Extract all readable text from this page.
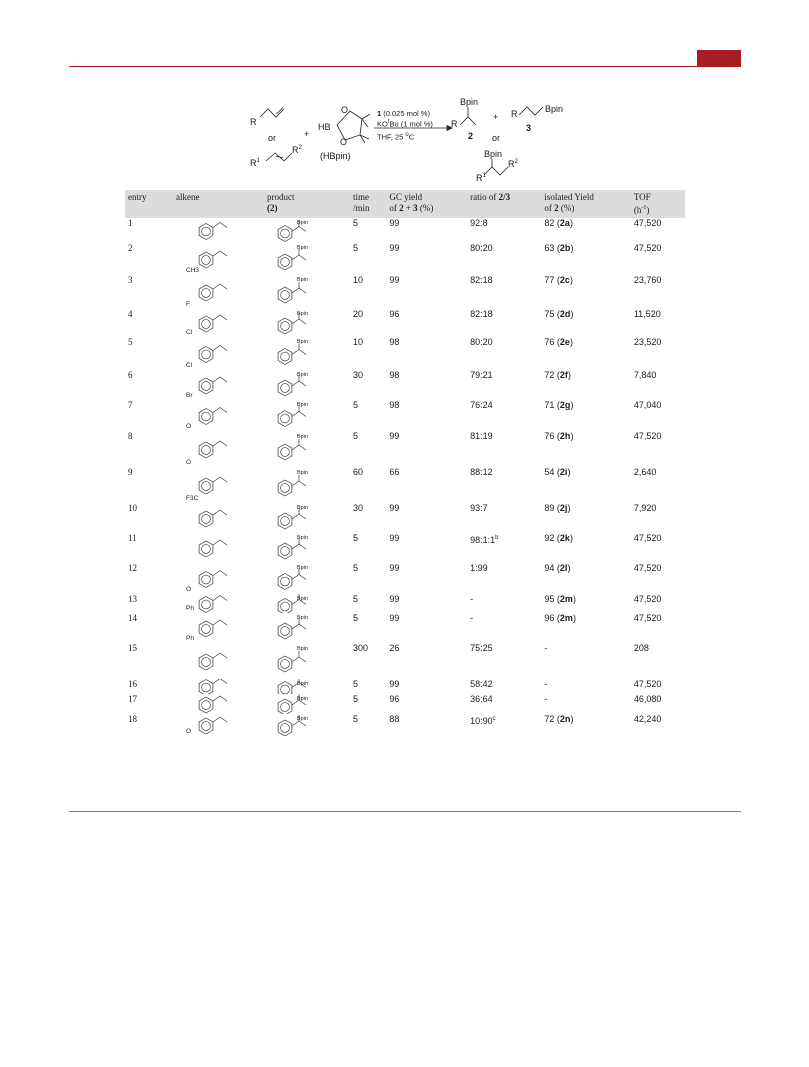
R
or	+
$R^1$
$R^2$
HB
O
O
(HBpin)
1 (0.025 mol %)
$KO^tBu$ (1 mol %)
THF, 25 $^o$C
Bpin
R
2
+ R	Bpin
3
or
Bpin
$R^1$
$R^2$
entry	alkene	product
(2)	time
/min	GC yield
of 2 + 3 (%)	ratio of 2/3	isolated Yield
of 2 (%)	TOF
$(h^{-1})$
1		Bpin	5	99	92:8	82 (2a)	47,520
2	CH3	Bpin	5	99	80:20	63 (2b)	47,520
3	F	Bpin	10	99	82:18	77 (2c)	23,760
4	Cl	Bpin	20	96	82:18	75 (2d)	11,520
5	Cl	Bpin	10	98	80:20	76 (2e)	23,520
6	Br	Bpin	30	98	79:21	72 (2f)	7,840
7	O	Bpin	5	98	76:24	71 (2g)	47,040
8	O	Bpin	5	99	81:19	76 (2h)	47,520
9	F3C	Bpin	60	66	88:12	54 (2i)	2,640
10		Bpin	30	99	93:7	89 (2j)	7,920
11		Bpin	5	99	98:1:1$^b$	92 (2k)	47,520
12	O	Bpin	5	99	1:99	94 (2l)	47,520
13	Ph	Bpin	5	99	-	95 (2m)	47,520
14	Ph	Bpin	5	99	-	96 (2m)	47,520
15		Bpin	300	26	75:25	-	208
16		Bpin	5	99	58:42	-	47,520
17		Bpin	5	96	36:64	-	46,080
18	O	Bpin	5	88	10:90$^c$	72 (2n)	42,240
